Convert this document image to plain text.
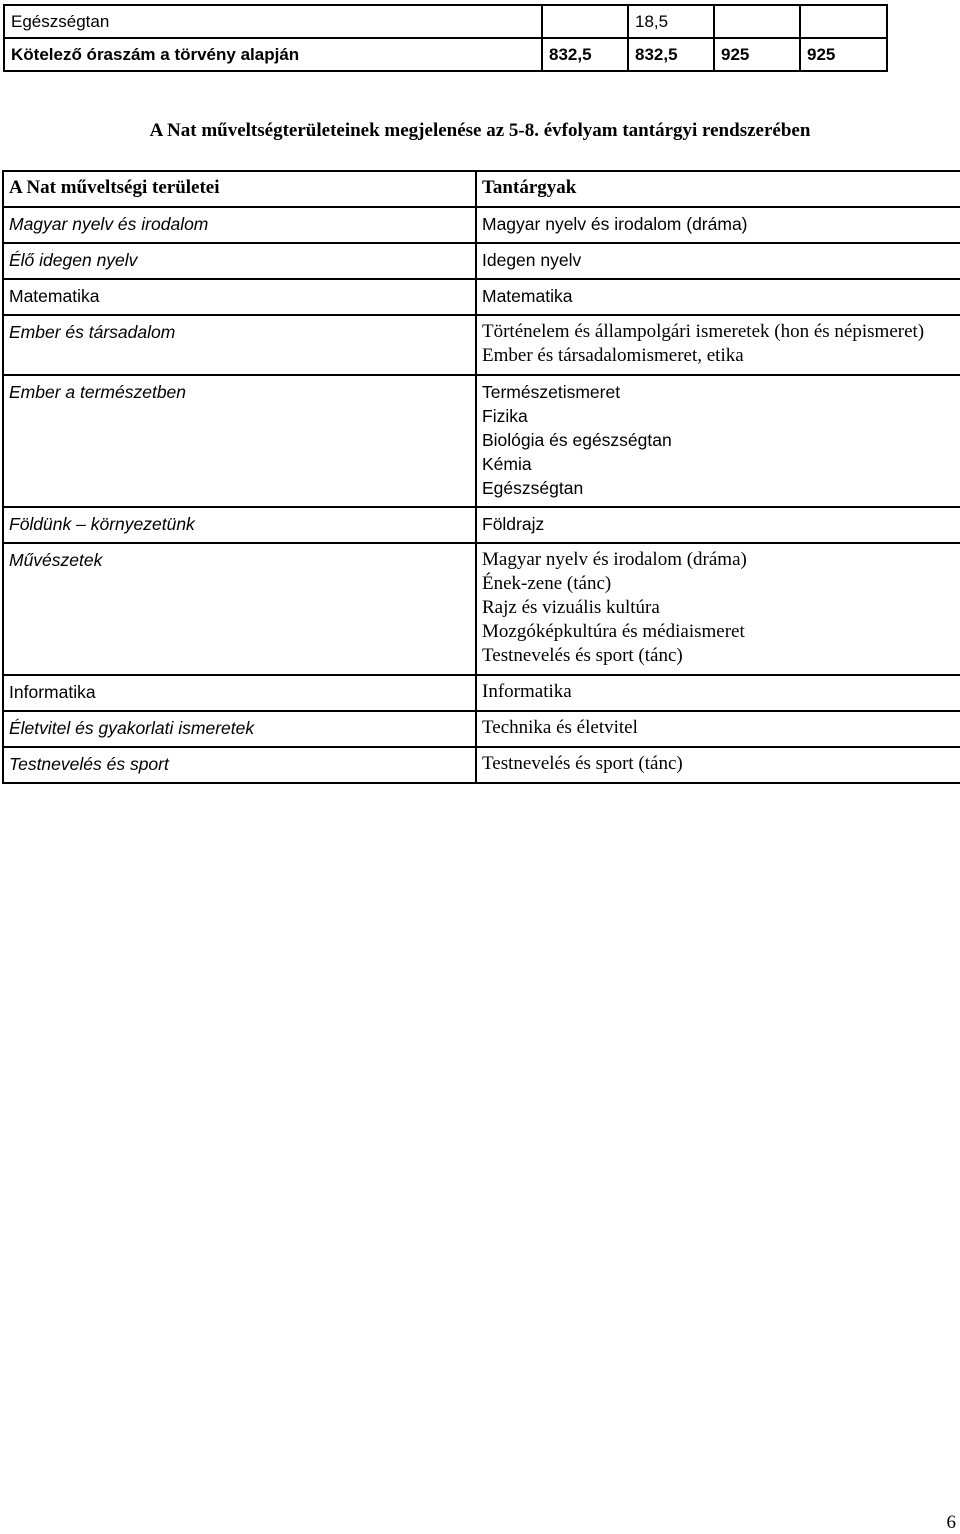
Egészségtan		18,5		
Kötelező óraszám a törvény alapján	832,5	832,5	925	925
A Nat műveltségterületeinek megjelenése az 5-8. évfolyam tantárgyi rendszerében
A Nat műveltségi területei	Tantárgyak
Magyar nyelv és irodalom	Magyar nyelv és irodalom (dráma)

Élő idegen nyelv	Idegen nyelv

Matematika	Matematika

Ember és társadalom	Történelem és állampolgári ismeretek (hon és népismeret)
Ember és társadalomismeret, etika

Ember a természetben	Természetismeret
Fizika
Biológia és egészségtan
Kémia
Egészségtan

Földünk – környezetünk	Földrajz

Művészetek	Magyar nyelv és irodalom (dráma)
Ének-zene (tánc)
Rajz és vizuális kultúra
Mozgóképkultúra és médiaismeret
Testnevelés és sport (tánc)

Informatika	Informatika

Életvitel és gyakorlati ismeretek	Technika és életvitel

Testnevelés és sport	Testnevelés és sport (tánc)
6
